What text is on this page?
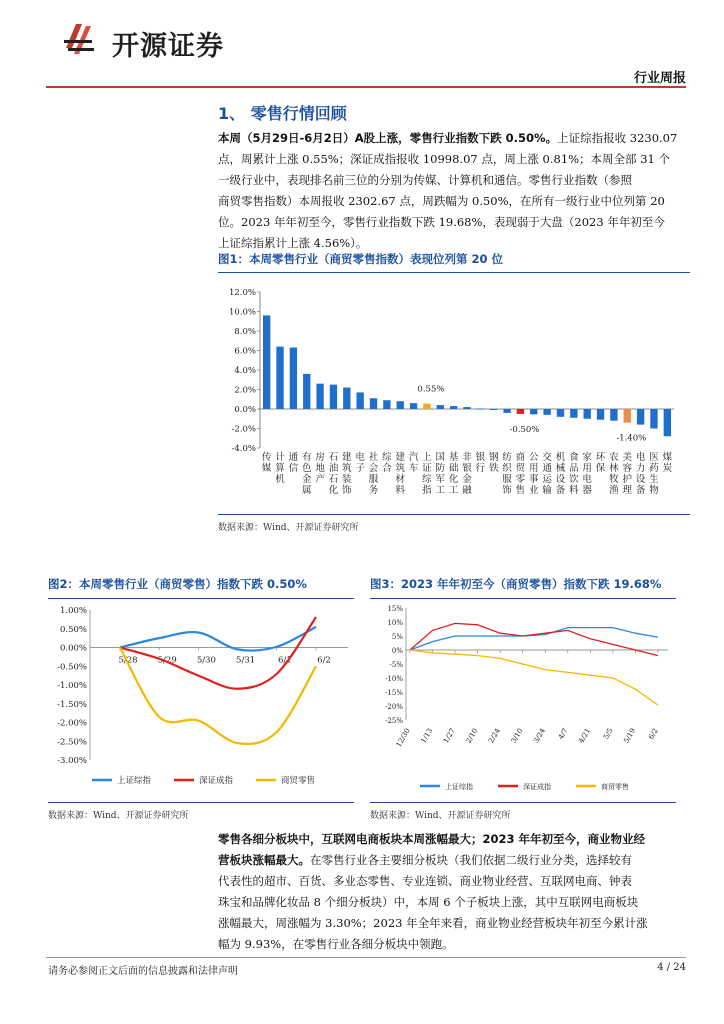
开源证券
行业周报
1、 零售行情回顾
本周（5月29日-6月2日）A股上涨，零售行业指数下跌 0.50%。上证综指报收 3230.07
点，周累计上涨 0.55%；深证成指报收 10998.07 点，周上涨 0.81%；本周全部 31 个
一级行业中，表现排名前三位的分别为传媒、计算机和通信。零售行业指数（参照
商贸零售指数）本周报收 2302.67 点，周跌幅为 0.50%，在所有一级行业中位列第 20
位。2023 年年初至今，零售行业指数下跌 19.68%，表现弱于大盘（2023 年年初至今
上证综指累计上涨 4.56%）。
图1：本周零售行业（商贸零售指数）表现位列第 20 位
12.0%
10.0%
8.0%
6.0%
4.0%
2.0%
0.0%
-2.0%
-4.0%
传
媒
计
算
机
通
信
有
色
金
属
房
地
产
石
油
石
化
建
筑
装
饰
电
子
社
会
服
务
综
合
建
筑
材
料
汽
车
上
证
综
指
0.55%
国
防
军
工
基
础
化
工
非
银
金
融
银
行
钢
铁
纺
织
服
饰
商
贸
零
售
-0.50%
公
用
事
业
交
通
运
输
机
械
设
备
食
品
饮
料
家
用
电
器
环
保
农
林
牧
渔
美
容
护
理
-1.40%
电
力
设
备
医
药
生
物
煤
炭
数据来源：Wind、开源证券研究所
图2：本周零售行业（商贸零售）指数下跌 0.50%
1.00%
0.50%
0.00%
-0.50%
-1.00%
-1.50%
-2.00%
-2.50%
-3.00%
5/28 5/29 5/30 5/31	6/1	6/2
上证综指	深证成指	商贸零售
数据来源：Wind、开源证券研究所
图3：2023 年年初至今（商贸零售）指数下跌 19.68%
15%
10%
5%
0%
-5%
-10%
-15%
-20%
-25%
12/30 1/13 1/27 2/10 2/24 3/10 3/24 4/7 4/21 5/5 5/19 6/2
上证综指	深证成指	商贸零售
数据来源：Wind、开源证券研究所
零售各细分板块中，互联网电商板块本周涨幅最大；2023 年年初至今，商业物业经
营板块涨幅最大。在零售行业各主要细分板块（我们依据二级行业分类，选择较有
代表性的超市、百货、多业态零售、专业连锁、商业物业经营、互联网电商、钟表
珠宝和品牌化妆品 8 个细分板块）中，本周 6 个子板块上涨，其中互联网电商板块
涨幅最大，周涨幅为 3.30%；2023 年全年来看，商业物业经营板块年初至今累计涨
幅为 9.93%，在零售行业各细分板块中领跑。
请务必参阅正文后面的信息披露和法律声明	4 / 24
